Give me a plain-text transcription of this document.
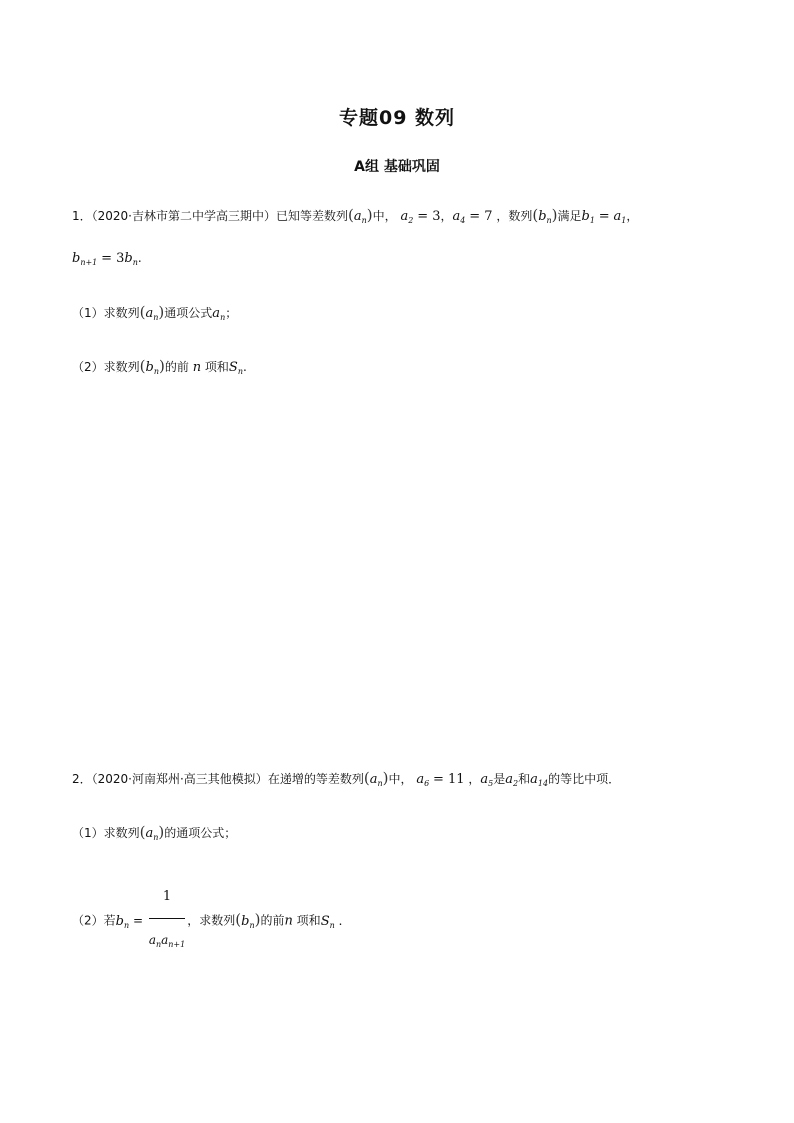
专题09 数列
A组 基础巩固
1．（2020·吉林市第二中学高三期中）已知等差数列$(a_n)$中， $a_2 = 3$，$a_4 = 7$ ，数列$(b_n)$满足$b_1 = a_1$，
$b_{n+1} = 3b_n$.
（1）求数列$(a_n)$通项公式$a_n$；
（2）求数列$(b_n)$的前 n 项和$S_n$.
2．（2020·河南郑州·高三其他模拟）在递增的等差数列$(a_n)$中， $a_6 = 11$ ，$a_5$是$a_2$和$a_{14}$的等比中项．
（1）求数列$(a_n)$的通项公式；
（2）若$b_n = \frac{1}{a_na_{n+1}}$ ，求数列$(b_n)$的前n 项和$S_n$ ．
